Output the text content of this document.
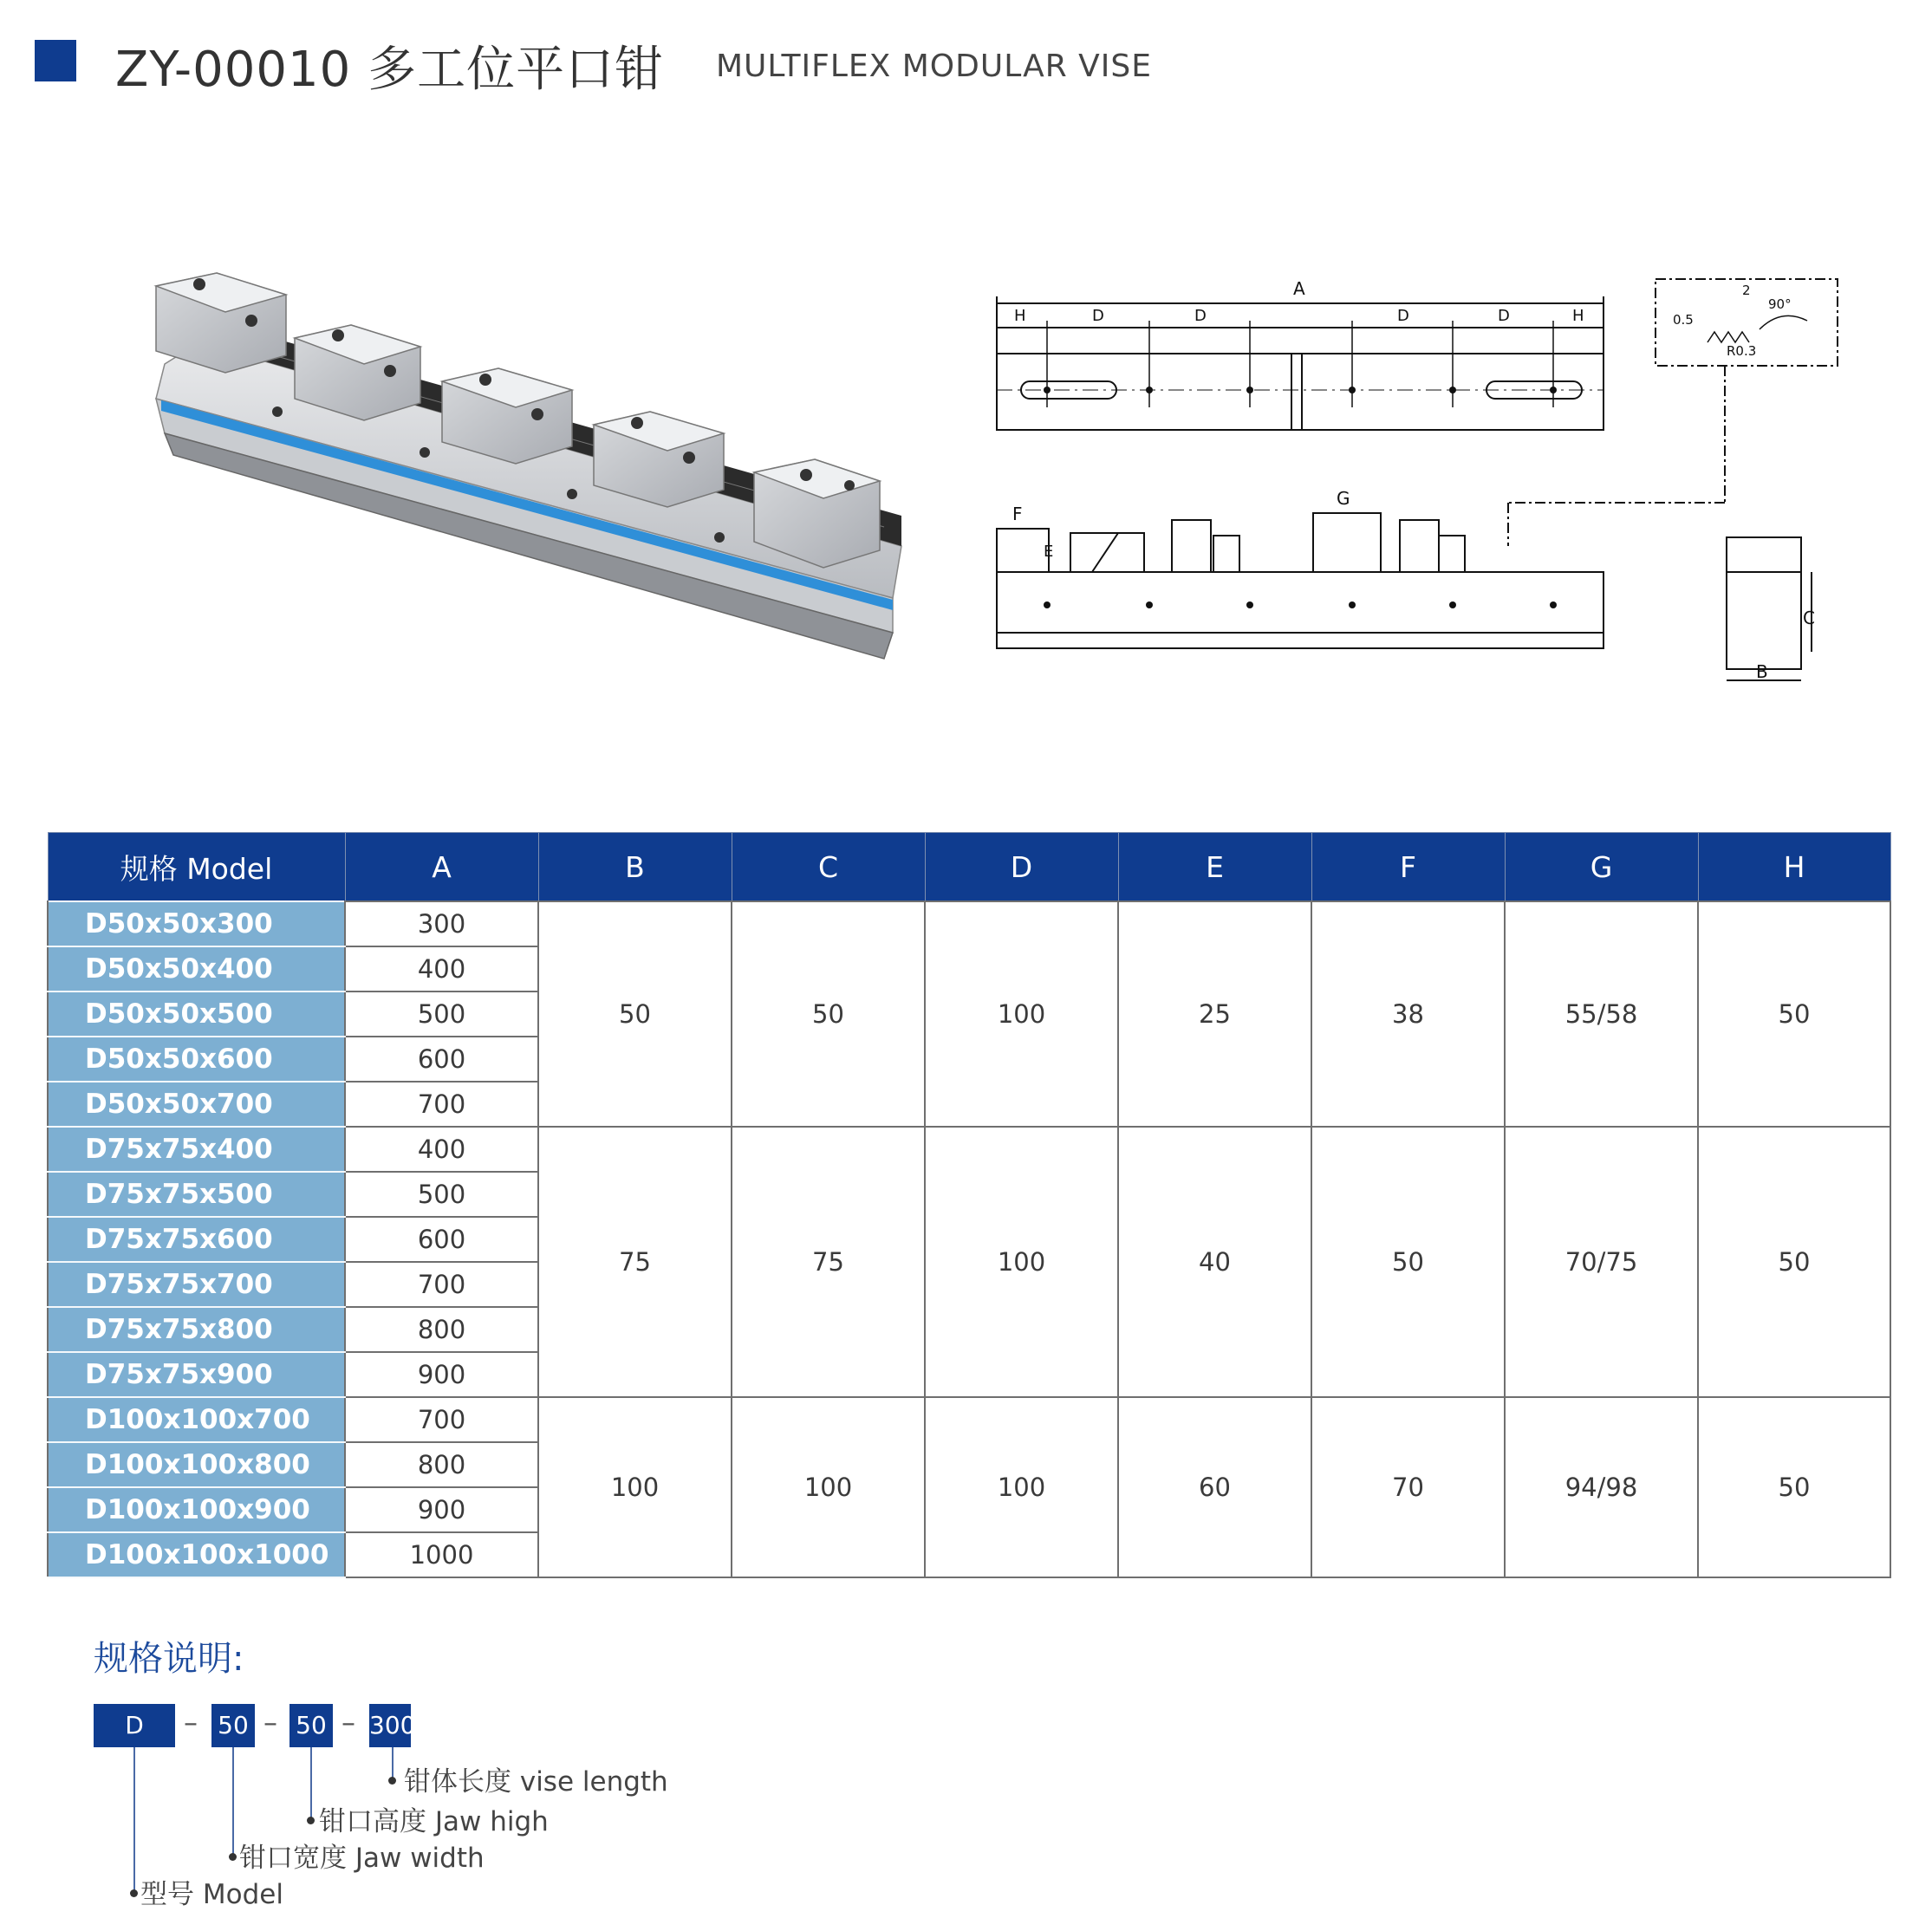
ZY-00010 多工位平口钳 MULTIFLEX MODULAR VISE
A
H	D	D	D	D	H
2
0.5
90°
R0.3
F
E
G
C
B
规格 Model	A	B	C	D	E	F	G	H
D50x50x300	300	50	50	100	25	38	55/58	50
D50x50x400	400							
D50x50x500	500							
D50x50x600	600							
D50x50x700	700							
D75x75x400	400	75	75	100	40	50	70/75	50
D75x75x500	500							
D75x75x600	600							
D75x75x700	700							
D75x75x800	800							
D75x75x900	900							
D100x100x700	700	100	100	100	60	70	94/98	50
D100x100x800	800							
D100x100x900	900							
D100x100x1000	1000							
规格说明:
D	– 50 – 50 – 300
钳体长度 vise length
钳口高度 Jaw high
钳口宽度 Jaw width
型号 Model
